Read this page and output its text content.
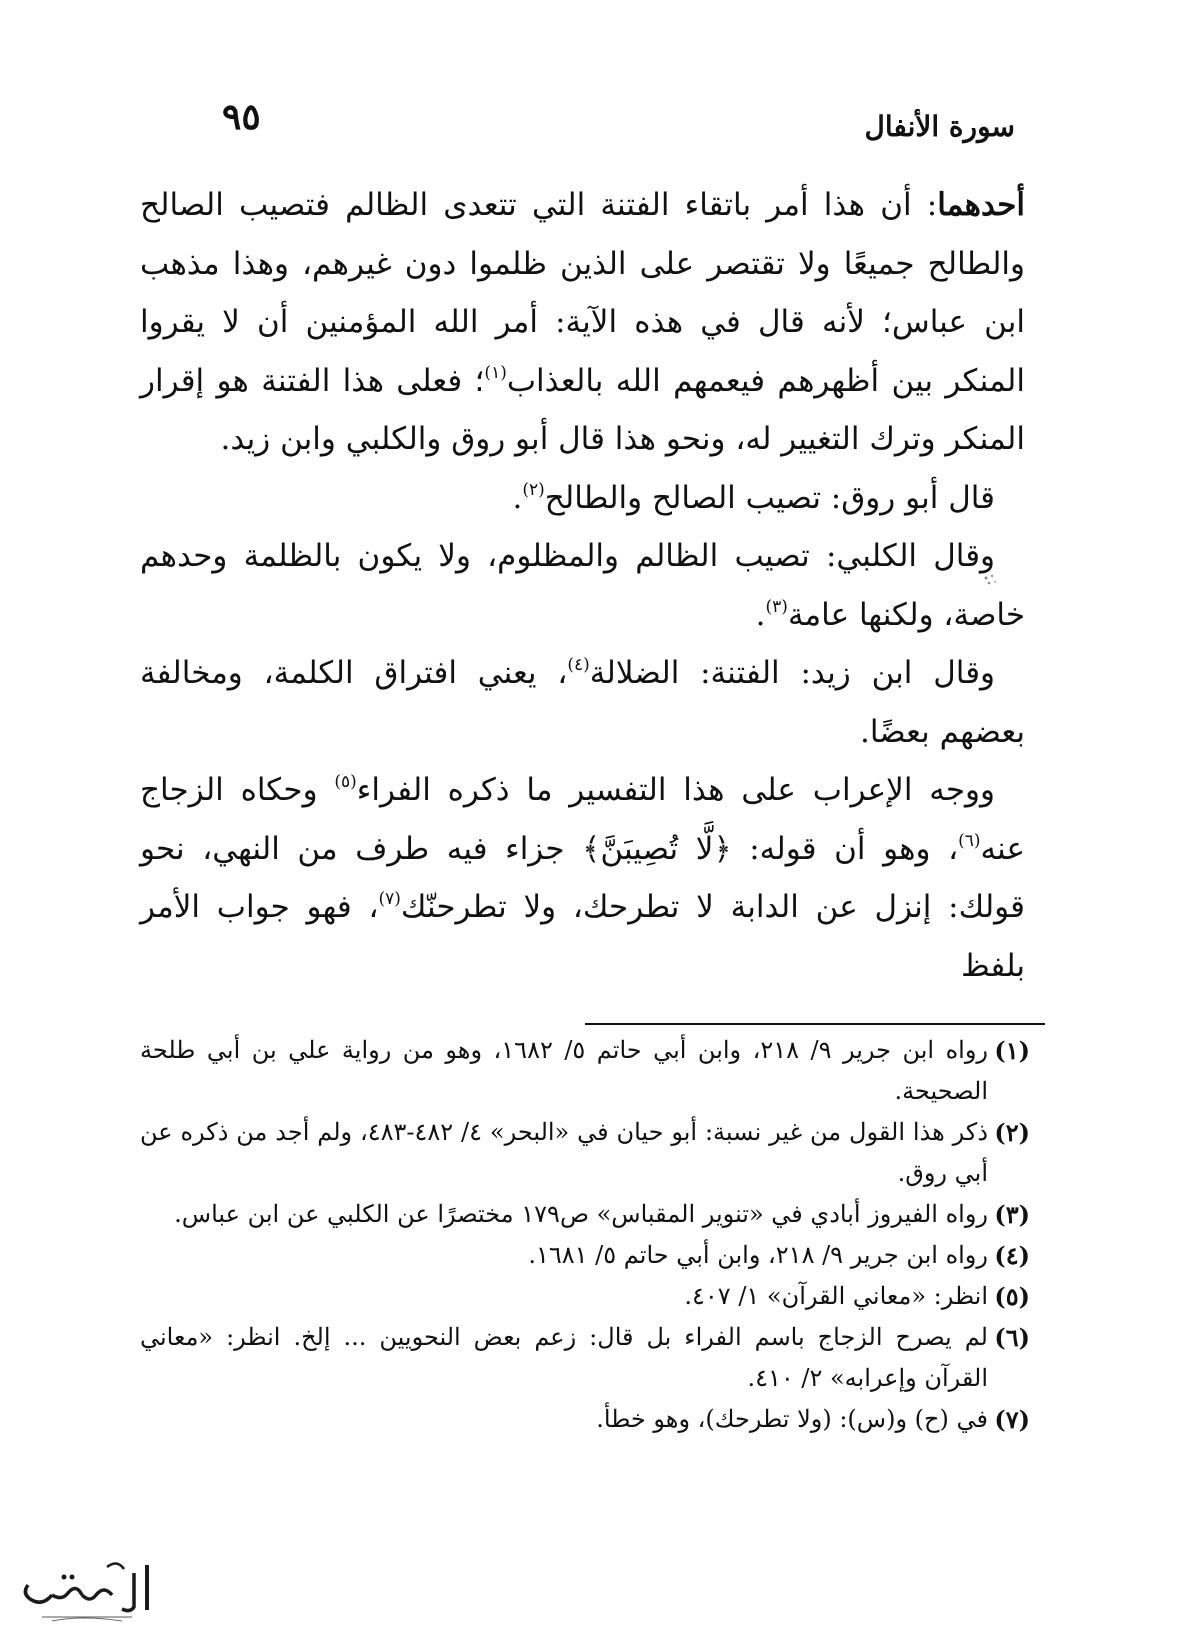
سورة الأنفال
٩٥

أحدهما: أن هذا أمر باتقاء الفتنة التي تتعدى الظالم فتصيب الصالح والطالح جميعًا ولا تقتصر على الذين ظلموا دون غيرهم، وهذا مذهب ابن عباس؛ لأنه قال في هذه الآية: أمر الله المؤمنين أن لا يقروا المنكر بين أظهرهم فيعمهم الله بالعذاب$^{(١)}$؛ فعلى هذا الفتنة هو إقرار المنكر وترك التغيير له، ونحو هذا قال أبو روق والكلبي وابن زيد.

قال أبو روق: تصيب الصالح والطالح$^{(٢)}$.

وقال الكلبي: تصيب الظالم والمظلوم، ولا يكون بالظلمة وحدهم خاصة، ولكنها عامة$^{(٣)}$.

وقال ابن زيد: الفتنة: الضلالة$^{(٤)}$، يعني افتراق الكلمة، ومخالفة بعضهم بعضًا.

ووجه الإعراب على هذا التفسير ما ذكره الفراء$^{(٥)}$ وحكاه الزجاج عنه$^{(٦)}$، وهو أن قوله: ﴿لَّا تُصِيبَنَّ﴾ جزاء فيه طرف من النهي، نحو قولك: إنزل عن الدابة لا تطرحك، ولا تطرحنّك$^{(٧)}$، فهو جواب الأمر بلفظ

(١)
رواه ابن جرير ٩/ ٢١٨، وابن أبي حاتم ٥/ ١٦٨٢، وهو من رواية علي بن أبي طلحة الصحيحة.
(٢)
ذكر هذا القول من غير نسبة: أبو حيان في «البحر» ٤/ ٤٨٢-٤٨٣، ولم أجد من ذكره عن أبي روق.
(٣)
رواه الفيروز أبادي في «تنوير المقباس» ص١٧٩ مختصرًا عن الكلبي عن ابن عباس.
(٤)
رواه ابن جرير ٩/ ٢١٨، وابن أبي حاتم ٥/ ١٦٨١.
(٥)
انظر: «معاني القرآن» ١/ ٤٠٧.
(٦)
لم يصرح الزجاج باسم الفراء بل قال: زعم بعض النحويين ... إلخ. انظر: «معاني القرآن وإعرابه» ٢/ ٤١٠.
(٧)
في (ح) و(س): (ولا تطرحك)، وهو خطأ.
